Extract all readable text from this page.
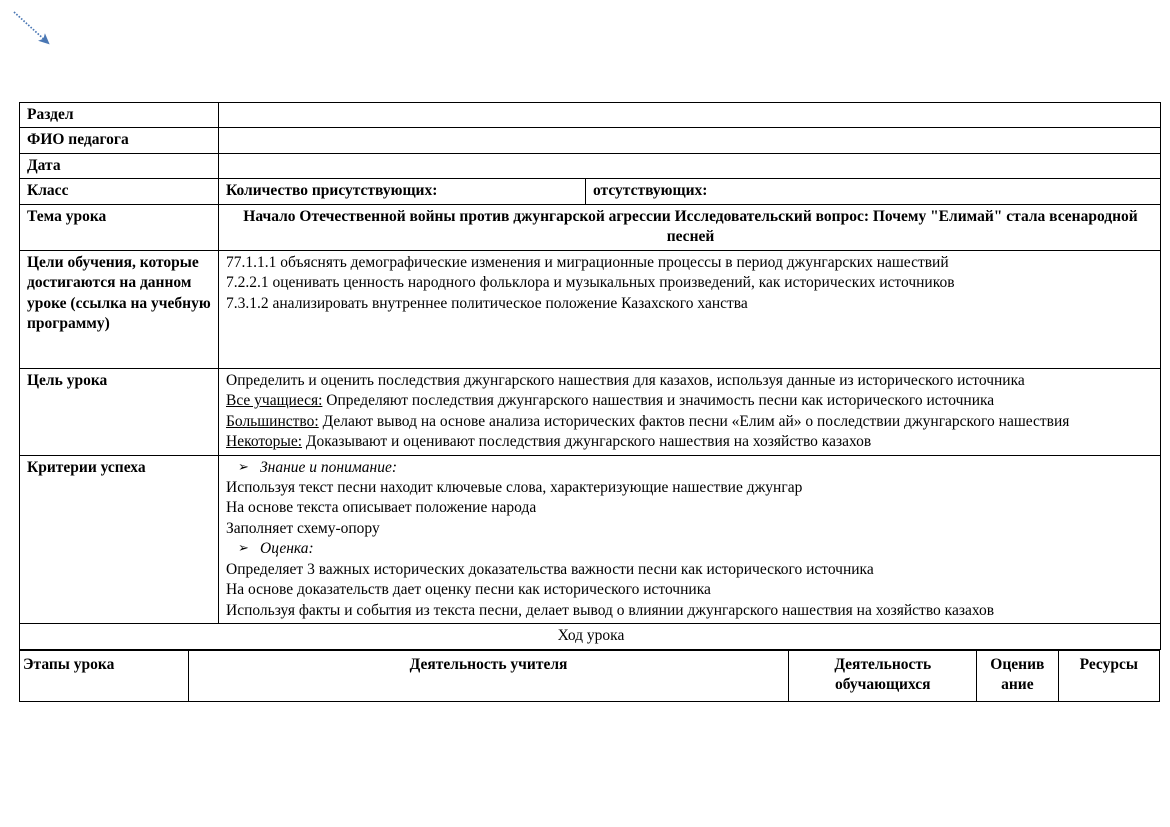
Раздел		
ФИО педагога		
Дата		
Класс	Количество присутствующих:	отсутствующих:
Тема урока	Начало Отечественной войны против джунгарской агрессии Исследовательский вопрос: Почему "Елимай" стала всенародной песней	
Цели обучения, которые достигаются на данном уроке (ссылка на учебную программу)	77.1.1.1 объяснять демографические изменения и миграционные процессы в период джунгарских нашествий
7.2.2.1 оценивать ценность народного фольклора и музыкальных произведений, как исторических источников
7.3.1.2 анализировать внутреннее политическое положение Казахского ханства	

Цель урока	Определить и оценить последствия джунгарского нашествия для казахов, используя данные из исторического источника
Все учащиеся: Определяют последствия джунгарского нашествия и значимость песни как исторического источника
Большинство: Делают вывод на основе анализа исторических фактов песни «Елим ай» о последствии джунгарского нашествия
Некоторые: Доказывают и оценивают последствия джунгарского нашествия на хозяйство казахов	

Критерии успеха	➢ Знание и понимание:
Используя текст песни находит ключевые слова, характеризующие нашествие джунгар
На основе текста описывает положение народа
Заполняет схему-опору
➢ Оценка:
Определяет 3 важных исторических доказательства важности песни как исторического источника
На основе доказательств дает оценку песни как исторического источника
Используя факты и события из текста песни, делает вывод о влиянии джунгарского нашествия на хозяйство казахов

Ход урока		
Этапы урока	Деятельность учителя	Деятельность обучающихся	Оценив ание	Ресурсы
